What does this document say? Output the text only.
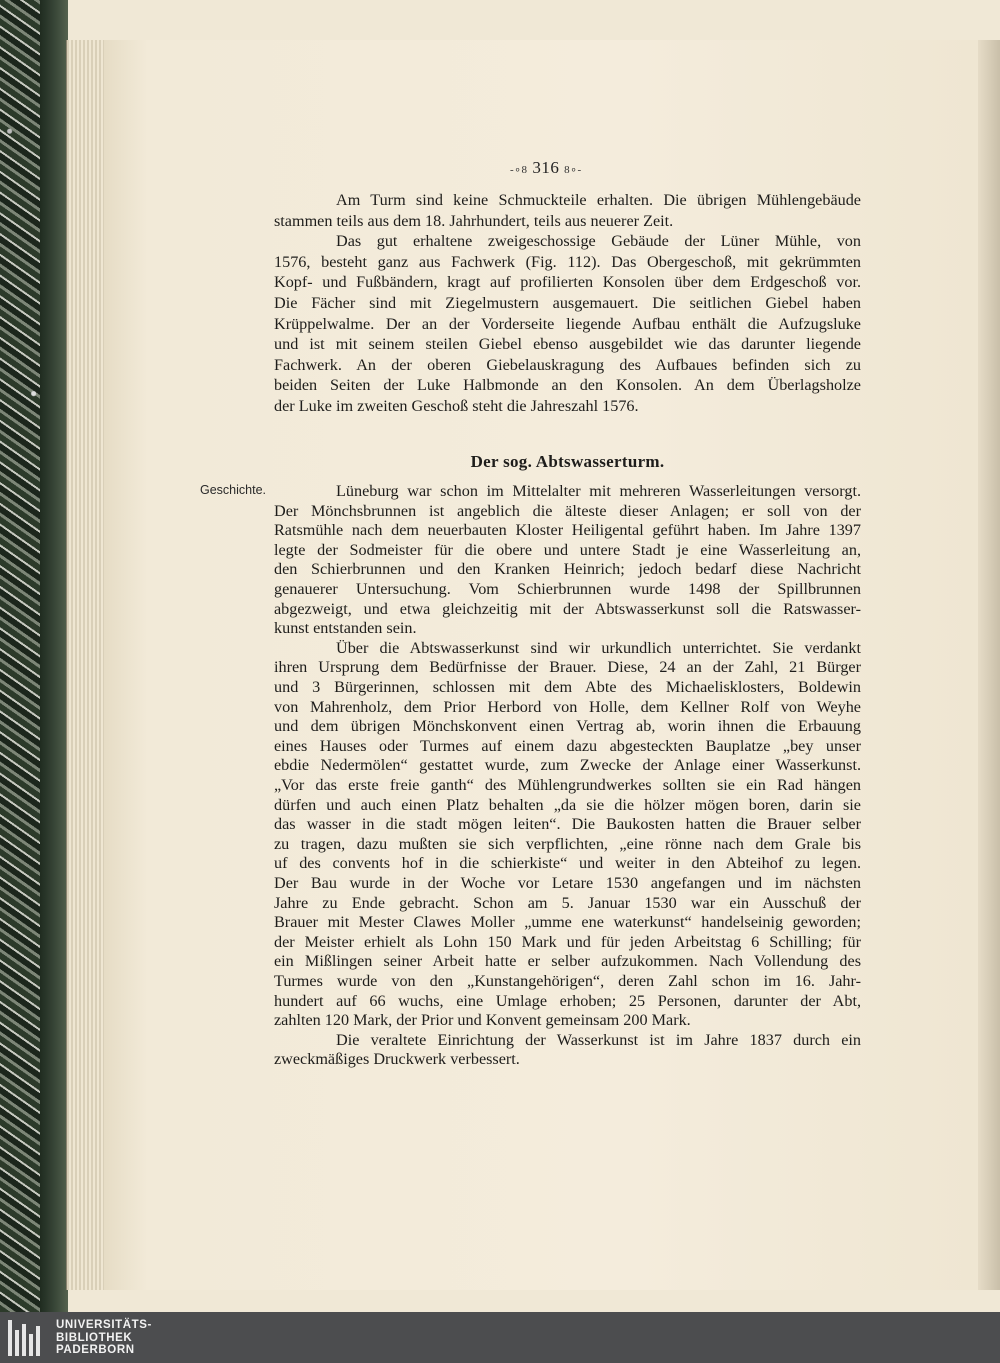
-∘8 316 8∘-
Am Turm sind keine Schmuckteile erhalten. Die übrigen Mühlengebäude
stammen teils aus dem 18. Jahrhundert, teils aus neuerer Zeit.
Das gut erhaltene zweigeschossige Gebäude der Lüner Mühle, von
1576, besteht ganz aus Fachwerk (Fig. 112). Das Obergeschoß, mit gekrümmten
Kopf- und Fußbändern, kragt auf profilierten Konsolen über dem Erdgeschoß vor.
Die Fächer sind mit Ziegelmustern ausgemauert. Die seitlichen Giebel haben
Krüppelwalme. Der an der Vorderseite liegende Aufbau enthält die Aufzugsluke
und ist mit seinem steilen Giebel ebenso ausgebildet wie das darunter liegende
Fachwerk. An der oberen Giebelauskragung des Aufbaues befinden sich zu
beiden Seiten der Luke Halbmonde an den Konsolen. An dem Überlagsholze
der Luke im zweiten Geschoß steht die Jahreszahl 1576.
Der sog. Abtswasserturm.
Geschichte.	Lüneburg war schon im Mittelalter mit mehreren Wasserleitungen versorgt.
Der Mönchsbrunnen ist angeblich die älteste dieser Anlagen; er soll von der
Ratsmühle nach dem neuerbauten Kloster Heiligental geführt haben. Im Jahre 1397
legte der Sodmeister für die obere und untere Stadt je eine Wasserleitung an,
den Schierbrunnen und den Kranken Heinrich; jedoch bedarf diese Nachricht
genauerer Untersuchung. Vom Schierbrunnen wurde 1498 der Spillbrunnen
abgezweigt, und etwa gleichzeitig mit der Abtswasserkunst soll die Ratswasser-
kunst entstanden sein.
Über die Abtswasserkunst sind wir urkundlich unterrichtet. Sie verdankt
ihren Ursprung dem Bedürfnisse der Brauer. Diese, 24 an der Zahl, 21 Bürger
und 3 Bürgerinnen, schlossen mit dem Abte des Michaelisklosters, Boldewin
von Mahrenholz, dem Prior Herbord von Holle, dem Kellner Rolf von Weyhe
und dem übrigen Mönchskonvent einen Vertrag ab, worin ihnen die Erbauung
eines Hauses oder Turmes auf einem dazu abgesteckten Bauplatze „bey unser
ebdie Nedermölen“ gestattet wurde, zum Zwecke der Anlage einer Wasserkunst.
„Vor das erste freie ganth“ des Mühlengrundwerkes sollten sie ein Rad hängen
dürfen und auch einen Platz behalten „da sie die hölzer mögen boren, darin sie
das wasser in die stadt mögen leiten“. Die Baukosten hatten die Brauer selber
zu tragen, dazu mußten sie sich verpflichten, „eine rönne nach dem Grale bis
uf des convents hof in die schierkiste“ und weiter in den Abteihof zu legen.
Der Bau wurde in der Woche vor Letare 1530 angefangen und im nächsten
Jahre zu Ende gebracht. Schon am 5. Januar 1530 war ein Ausschuß der
Brauer mit Mester Clawes Moller „umme ene waterkunst“ handelseinig geworden;
der Meister erhielt als Lohn 150 Mark und für jeden Arbeitstag 6 Schilling; für
ein Mißlingen seiner Arbeit hatte er selber aufzukommen. Nach Vollendung des
Turmes wurde von den „Kunstangehörigen“, deren Zahl schon im 16. Jahr-
hundert auf 66 wuchs, eine Umlage erhoben; 25 Personen, darunter der Abt,
zahlten 120 Mark, der Prior und Konvent gemeinsam 200 Mark.
Die veraltete Einrichtung der Wasserkunst ist im Jahre 1837 durch ein
zweckmäßiges Druckwerk verbessert.
UNIVERSITÄTS-
BIBLIOTHEK
PADERBORN
